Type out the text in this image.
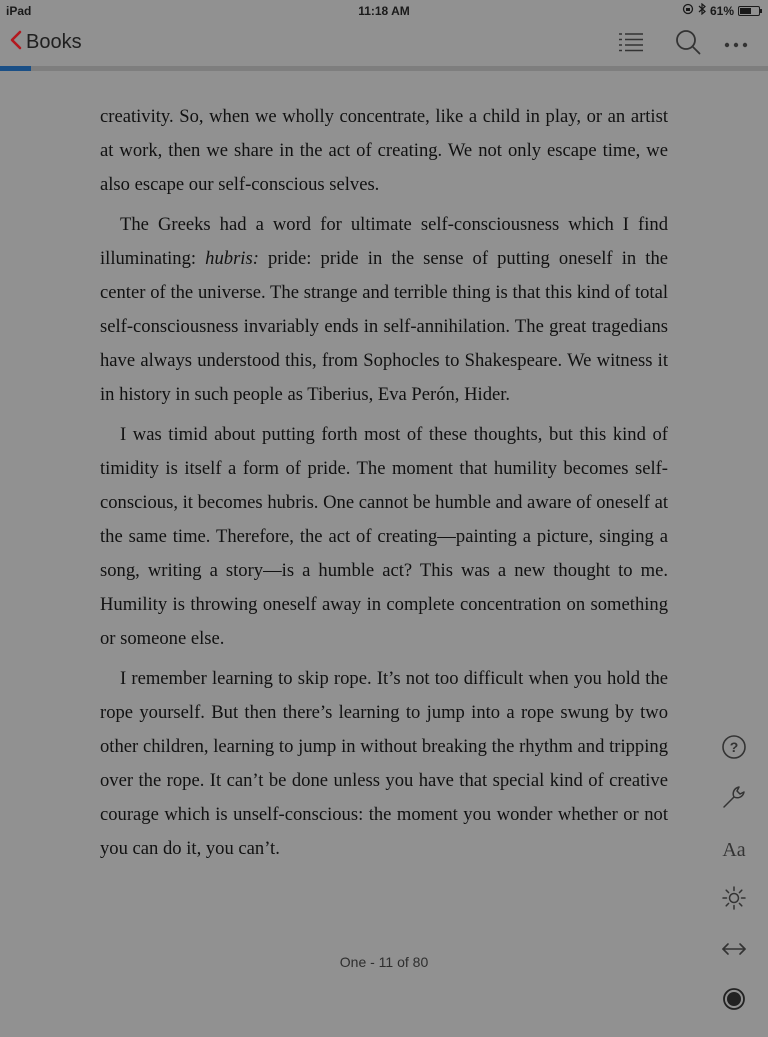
iPad	11:18 AM	61%
Books

creativity. So, when we wholly concentrate, like a child in play, or an artist at work, then we share in the act of creating. We not only escape time, we also escape our self-conscious selves.

The Greeks had a word for ultimate self-consciousness which I find illuminating: hubris: pride: pride in the sense of putting oneself in the center of the universe. The strange and terrible thing is that this kind of total self-consciousness invariably ends in self-annihilation. The great tragedians have always understood this, from Sophocles to Shakespeare. We witness it in history in such people as Tiberius, Eva Perón, Hider.

I was timid about putting forth most of these thoughts, but this kind of timidity is itself a form of pride. The moment that humility becomes self-conscious, it becomes hubris. One cannot be humble and aware of oneself at the same time. Therefore, the act of creating—painting a picture, singing a song, writing a story—is a humble act? This was a new thought to me. Humility is throwing oneself away in complete concentration on something or someone else.

I remember learning to skip rope. It’s not too difficult when you hold the rope yourself. But then there’s learning to jump into a rope swung by two other children, learning to jump in without breaking the rhythm and tripping over the rope. It can’t be done unless you have that special kind of creative courage which is unself-conscious: the moment you wonder whether or not you can do it, you can’t.

One - 11 of 80
?
Aa
